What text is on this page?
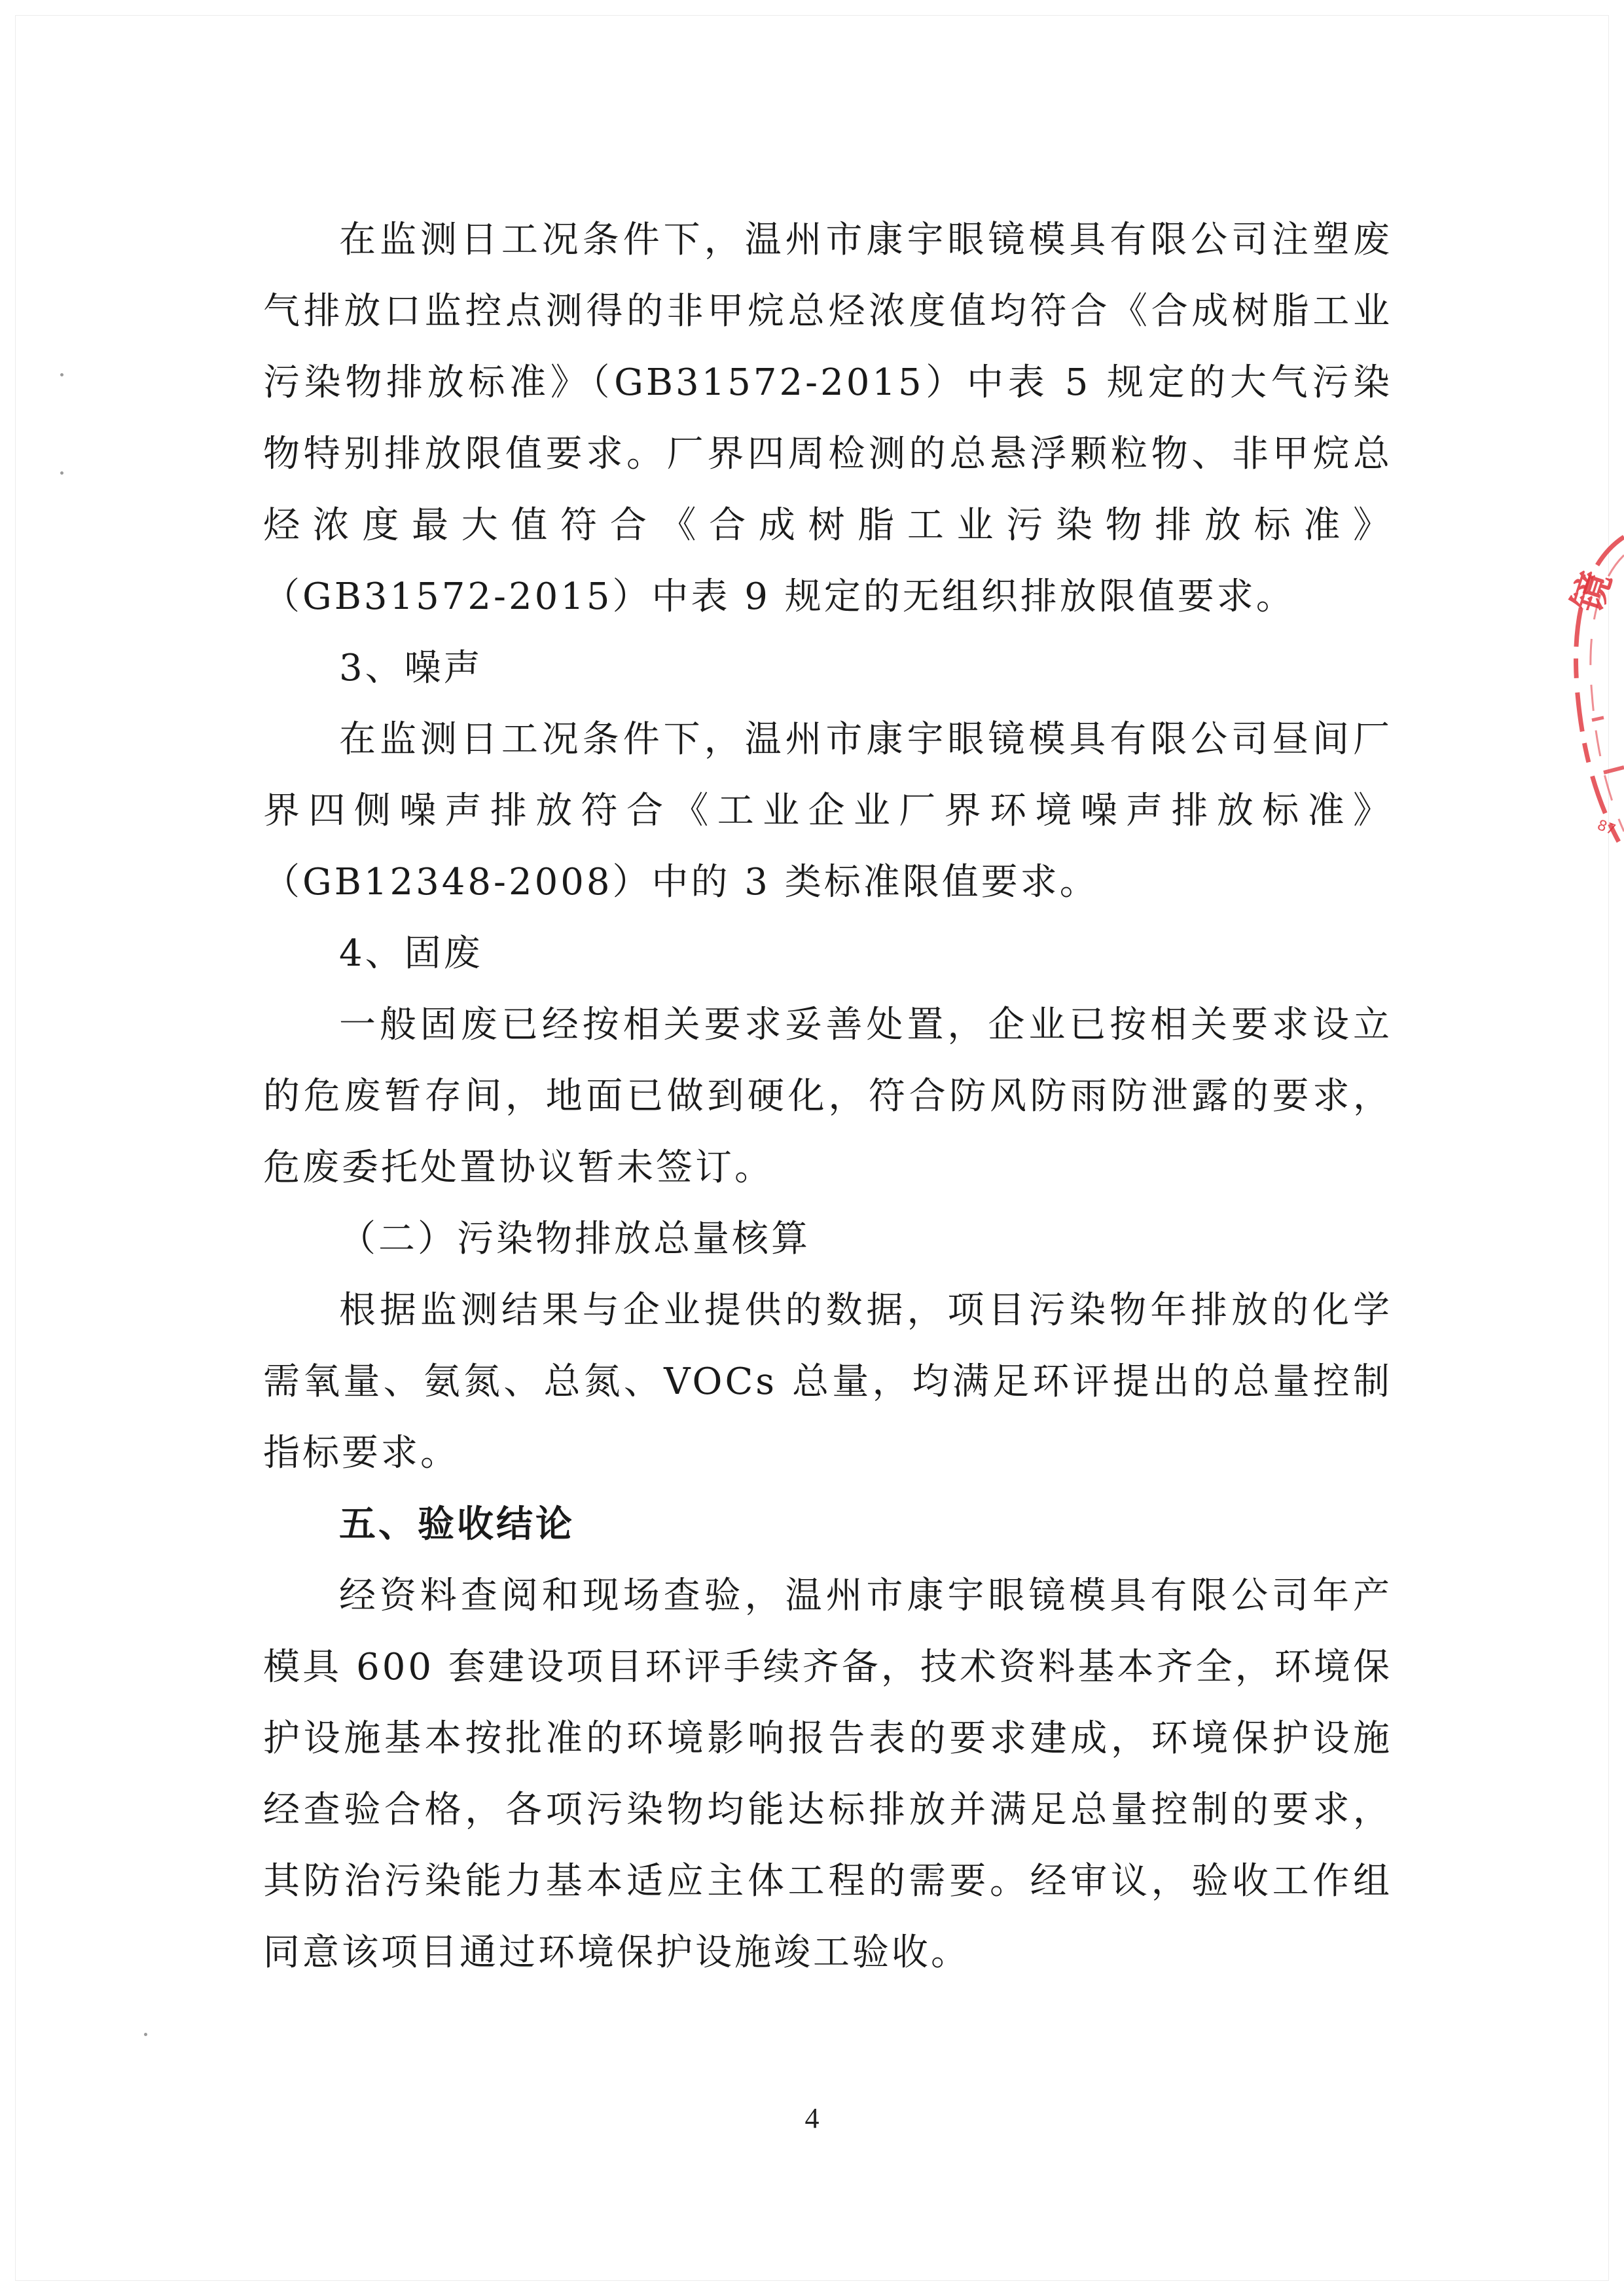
在监测日工况条件下，温州市康宇眼镜模具有限公司注塑废气排放口监控点测得的非甲烷总烃浓度值均符合《合成树脂工业污染物排放标准》（GB31572-2015）中表 5 规定的大气污染物特别排放限值要求。厂界四周检测的总悬浮颗粒物、非甲烷总烃浓度最大值符合《合成树脂工业污染物排放标准》（GB31572-2015）中表 9 规定的无组织排放限值要求。

3、噪声

在监测日工况条件下，温州市康宇眼镜模具有限公司昼间厂界四侧噪声排放符合《工业企业厂界环境噪声排放标准》（GB12348-2008）中的 3 类标准限值要求。

4、固废

一般固废已经按相关要求妥善处置，企业已按相关要求设立的危废暂存间，地面已做到硬化，符合防风防雨防泄露的要求，危废委托处置协议暂未签订。

（二）污染物排放总量核算

根据监测结果与企业提供的数据，项目污染物年排放的化学需氧量、氨氮、总氮、VOCs 总量，均满足环评提出的总量控制指标要求。

五、验收结论

经资料查阅和现场查验，温州市康宇眼镜模具有限公司年产模具 600 套建设项目环评手续齐备，技术资料基本齐全，环境保护设施基本按批准的环境影响报告表的要求建成，环境保护设施经查验合格，各项污染物均能达标排放并满足总量控制的要求，其防治污染能力基本适应主体工程的需要。经审议，验收工作组同意该项目通过环境保护设施竣工验收。

4
镜
87
